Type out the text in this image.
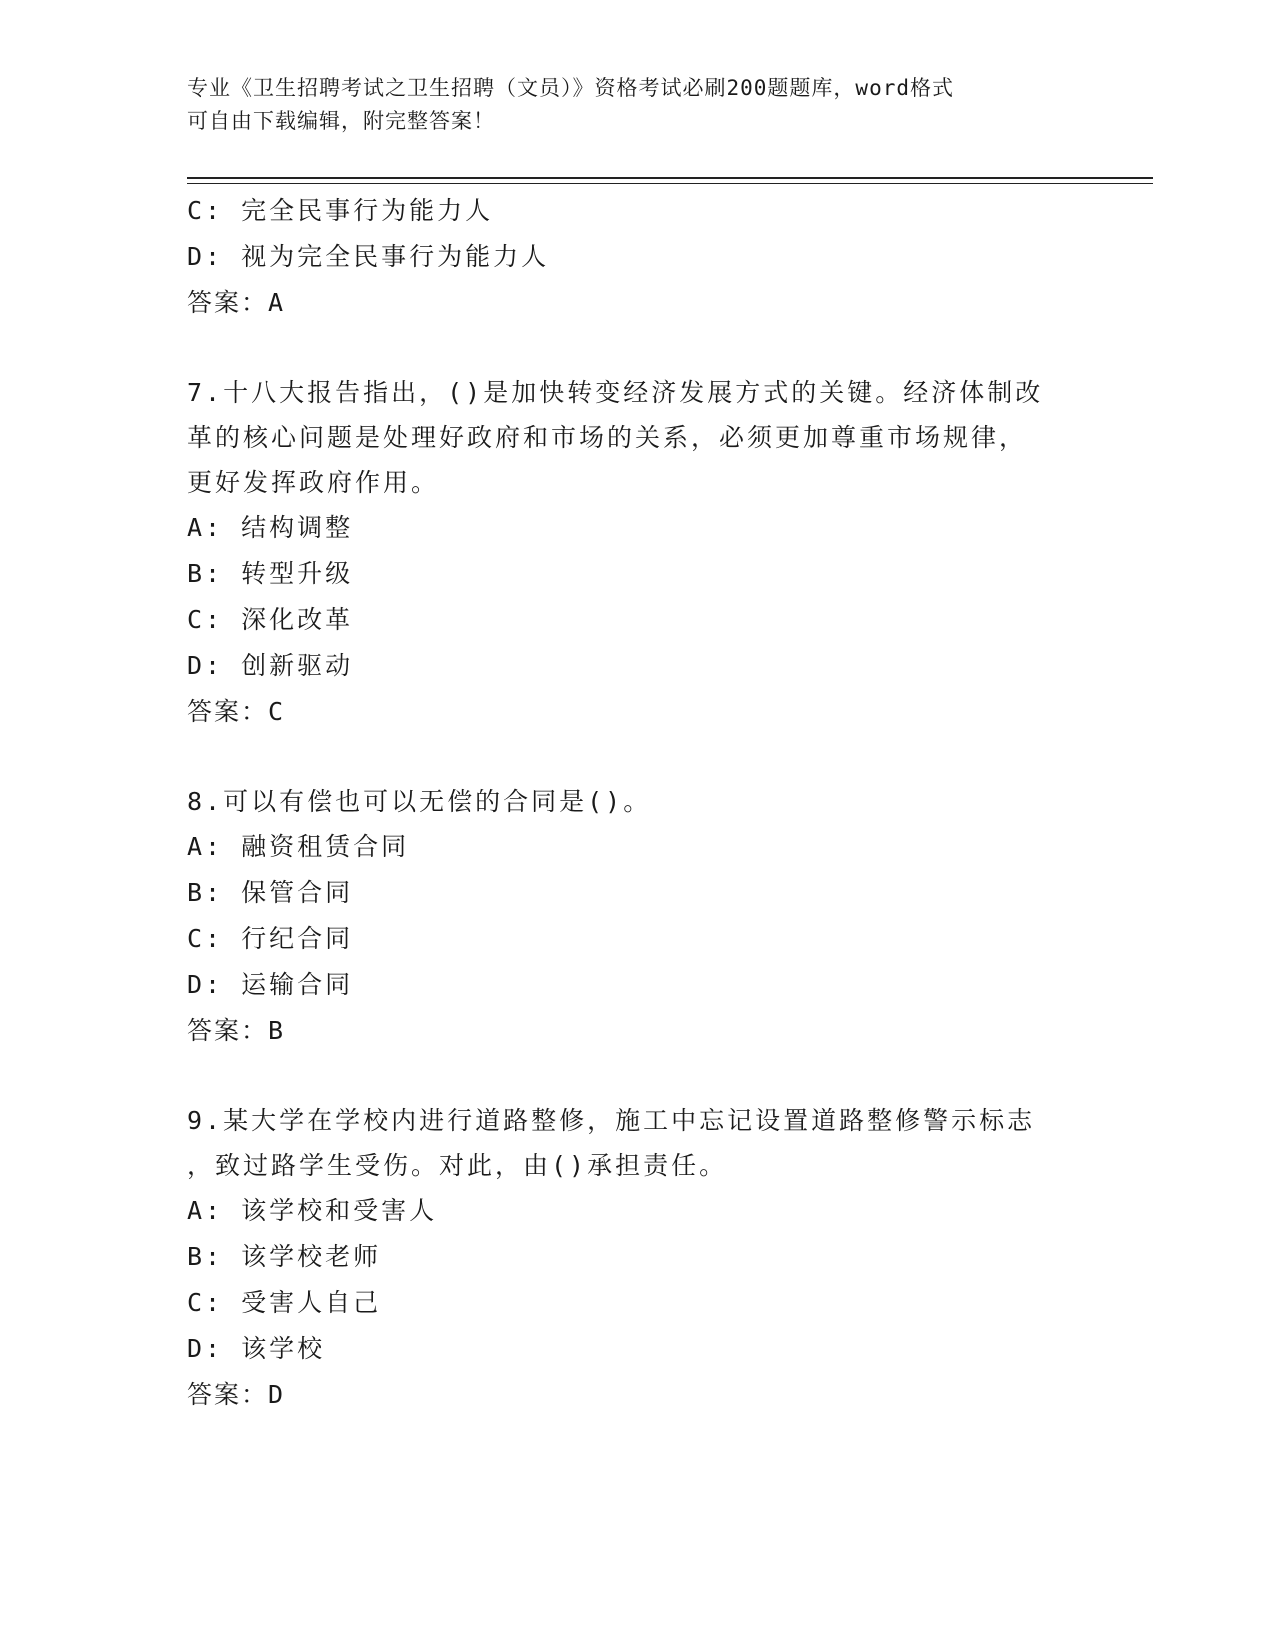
专业《卫生招聘考试之卫生招聘（文员）》资格考试必刷200题题库，word格式
可自由下载编辑，附完整答案！
C: 完全民事行为能力人
D: 视为完全民事行为能力人
答案：A
7.十八大报告指出，()是加快转变经济发展方式的关键。经济体制改
革的核心问题是处理好政府和市场的关系，必须更加尊重市场规律，
更好发挥政府作用。
A: 结构调整
B: 转型升级
C: 深化改革
D: 创新驱动
答案：C
8.可以有偿也可以无偿的合同是()。
A: 融资租赁合同
B: 保管合同
C: 行纪合同
D: 运输合同
答案：B
9.某大学在学校内进行道路整修，施工中忘记设置道路整修警示标志
，致过路学生受伤。对此，由()承担责任。
A: 该学校和受害人
B: 该学校老师
C: 受害人自己
D: 该学校
答案：D
